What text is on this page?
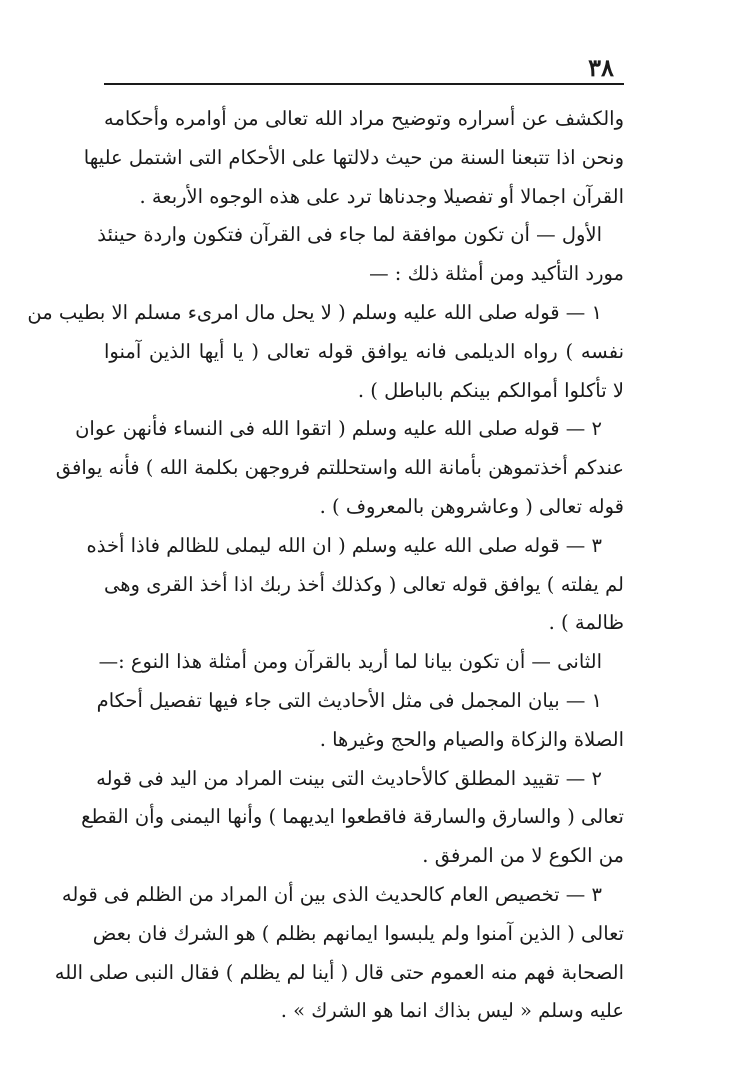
٣٨
والكشف عن أسراره وتوضيح مراد الله تعالى من أوامره وأحكامه
ونحن اذا تتبعنا السنة من حيث دلالتها على الأحكام التى اشتمل عليها
القرآن اجمالا أو تفصيلا وجدناها ترد على هذه الوجوه الأربعة .
الأول — أن تكون موافقة لما جاء فى القرآن فتكون واردة حينئذ
مورد التأكيد ومن أمثلة ذلك : —
١ — قوله صلى الله عليه وسلم ( لا يحل مال امرىء مسلم الا بطيب من
نفسه ) رواه الديلمى فانه يوافق قوله تعالى ( يا أيها الذين آمنوا
لا تأكلوا أموالكم بينكم بالباطل ) .
٢ — قوله صلى الله عليه وسلم ( اتقوا الله فى النساء فأنهن عوان
عندكم أخذتموهن بأمانة الله واستحللتم فروجهن بكلمة الله ) فأنه يوافق
قوله تعالى ( وعاشروهن بالمعروف ) .
٣ — قوله صلى الله عليه وسلم ( ان الله ليملى للظالم فاذا أخذه
لم يفلته ) يوافق قوله تعالى ( وكذلك أخذ ربك اذا أخذ القرى وهى
ظالمة ) .
الثانى — أن تكون بيانا لما أريد بالقرآن ومن أمثلة هذا النوع :—
١ — بيان المجمل فى مثل الأحاديث التى جاء فيها تفصيل أحكام
الصلاة والزكاة والصيام والحج وغيرها .
٢ — تقييد المطلق كالأحاديث التى بينت المراد من اليد فى قوله
تعالى ( والسارق والسارقة فاقطعوا ايديهما ) وأنها اليمنى وأن القطع
من الكوع لا من المرفق .
٣ — تخصيص العام كالحديث الذى بين أن المراد من الظلم فى قوله
تعالى ( الذين آمنوا ولم يلبسوا ايمانهم بظلم ) هو الشرك فان بعض
الصحابة فهم منه العموم حتى قال ( أينا لم يظلم ) فقال النبى صلى الله
عليه وسلم « ليس بذاك انما هو الشرك » .
